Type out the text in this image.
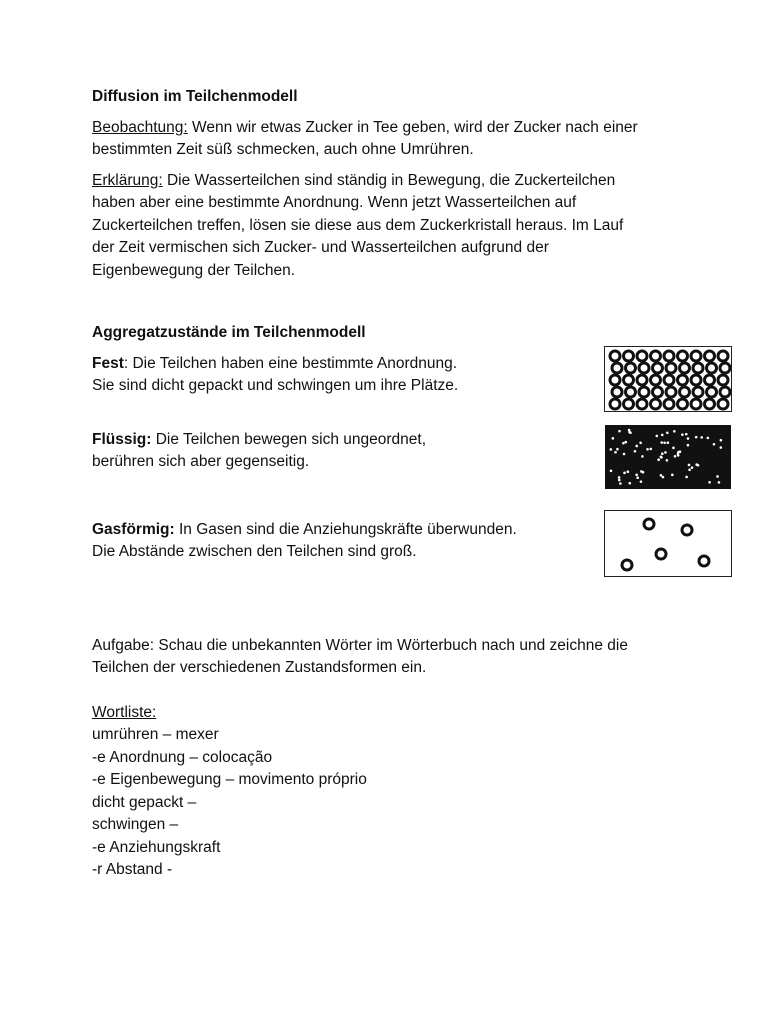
Diffusion im Teilchenmodell

Beobachtung: Wenn wir etwas Zucker in Tee geben, wird der Zucker nach einer
bestimmten Zeit süß schmecken, auch ohne Umrühren.

Erklärung: Die Wasserteilchen sind ständig in Bewegung, die Zuckerteilchen
haben aber eine bestimmte Anordnung. Wenn jetzt Wasserteilchen auf
Zuckerteilchen treffen, lösen sie diese aus dem Zuckerkristall heraus. Im Lauf
der Zeit vermischen sich Zucker- und Wasserteilchen aufgrund der
Eigenbewegung der Teilchen.

Aggregatzustände im Teilchenmodell

Fest: Die Teilchen haben eine bestimmte Anordnung.
Sie sind dicht gepackt und schwingen um ihre Plätze.

Flüssig: Die Teilchen bewegen sich ungeordnet,
berühren sich aber gegenseitig.

Gasförmig: In Gasen sind die Anziehungskräfte überwunden.
Die Abstände zwischen den Teilchen sind groß.

Aufgabe: Schau die unbekannten Wörter im Wörterbuch nach und zeichne die
Teilchen der verschiedenen Zustandsformen ein.

Wortliste:
umrühren – mexer
-e Anordnung – colocação
-e Eigenbewegung – movimento próprio
dicht gepackt –
schwingen –
-e Anziehungskraft
-r Abstand -
